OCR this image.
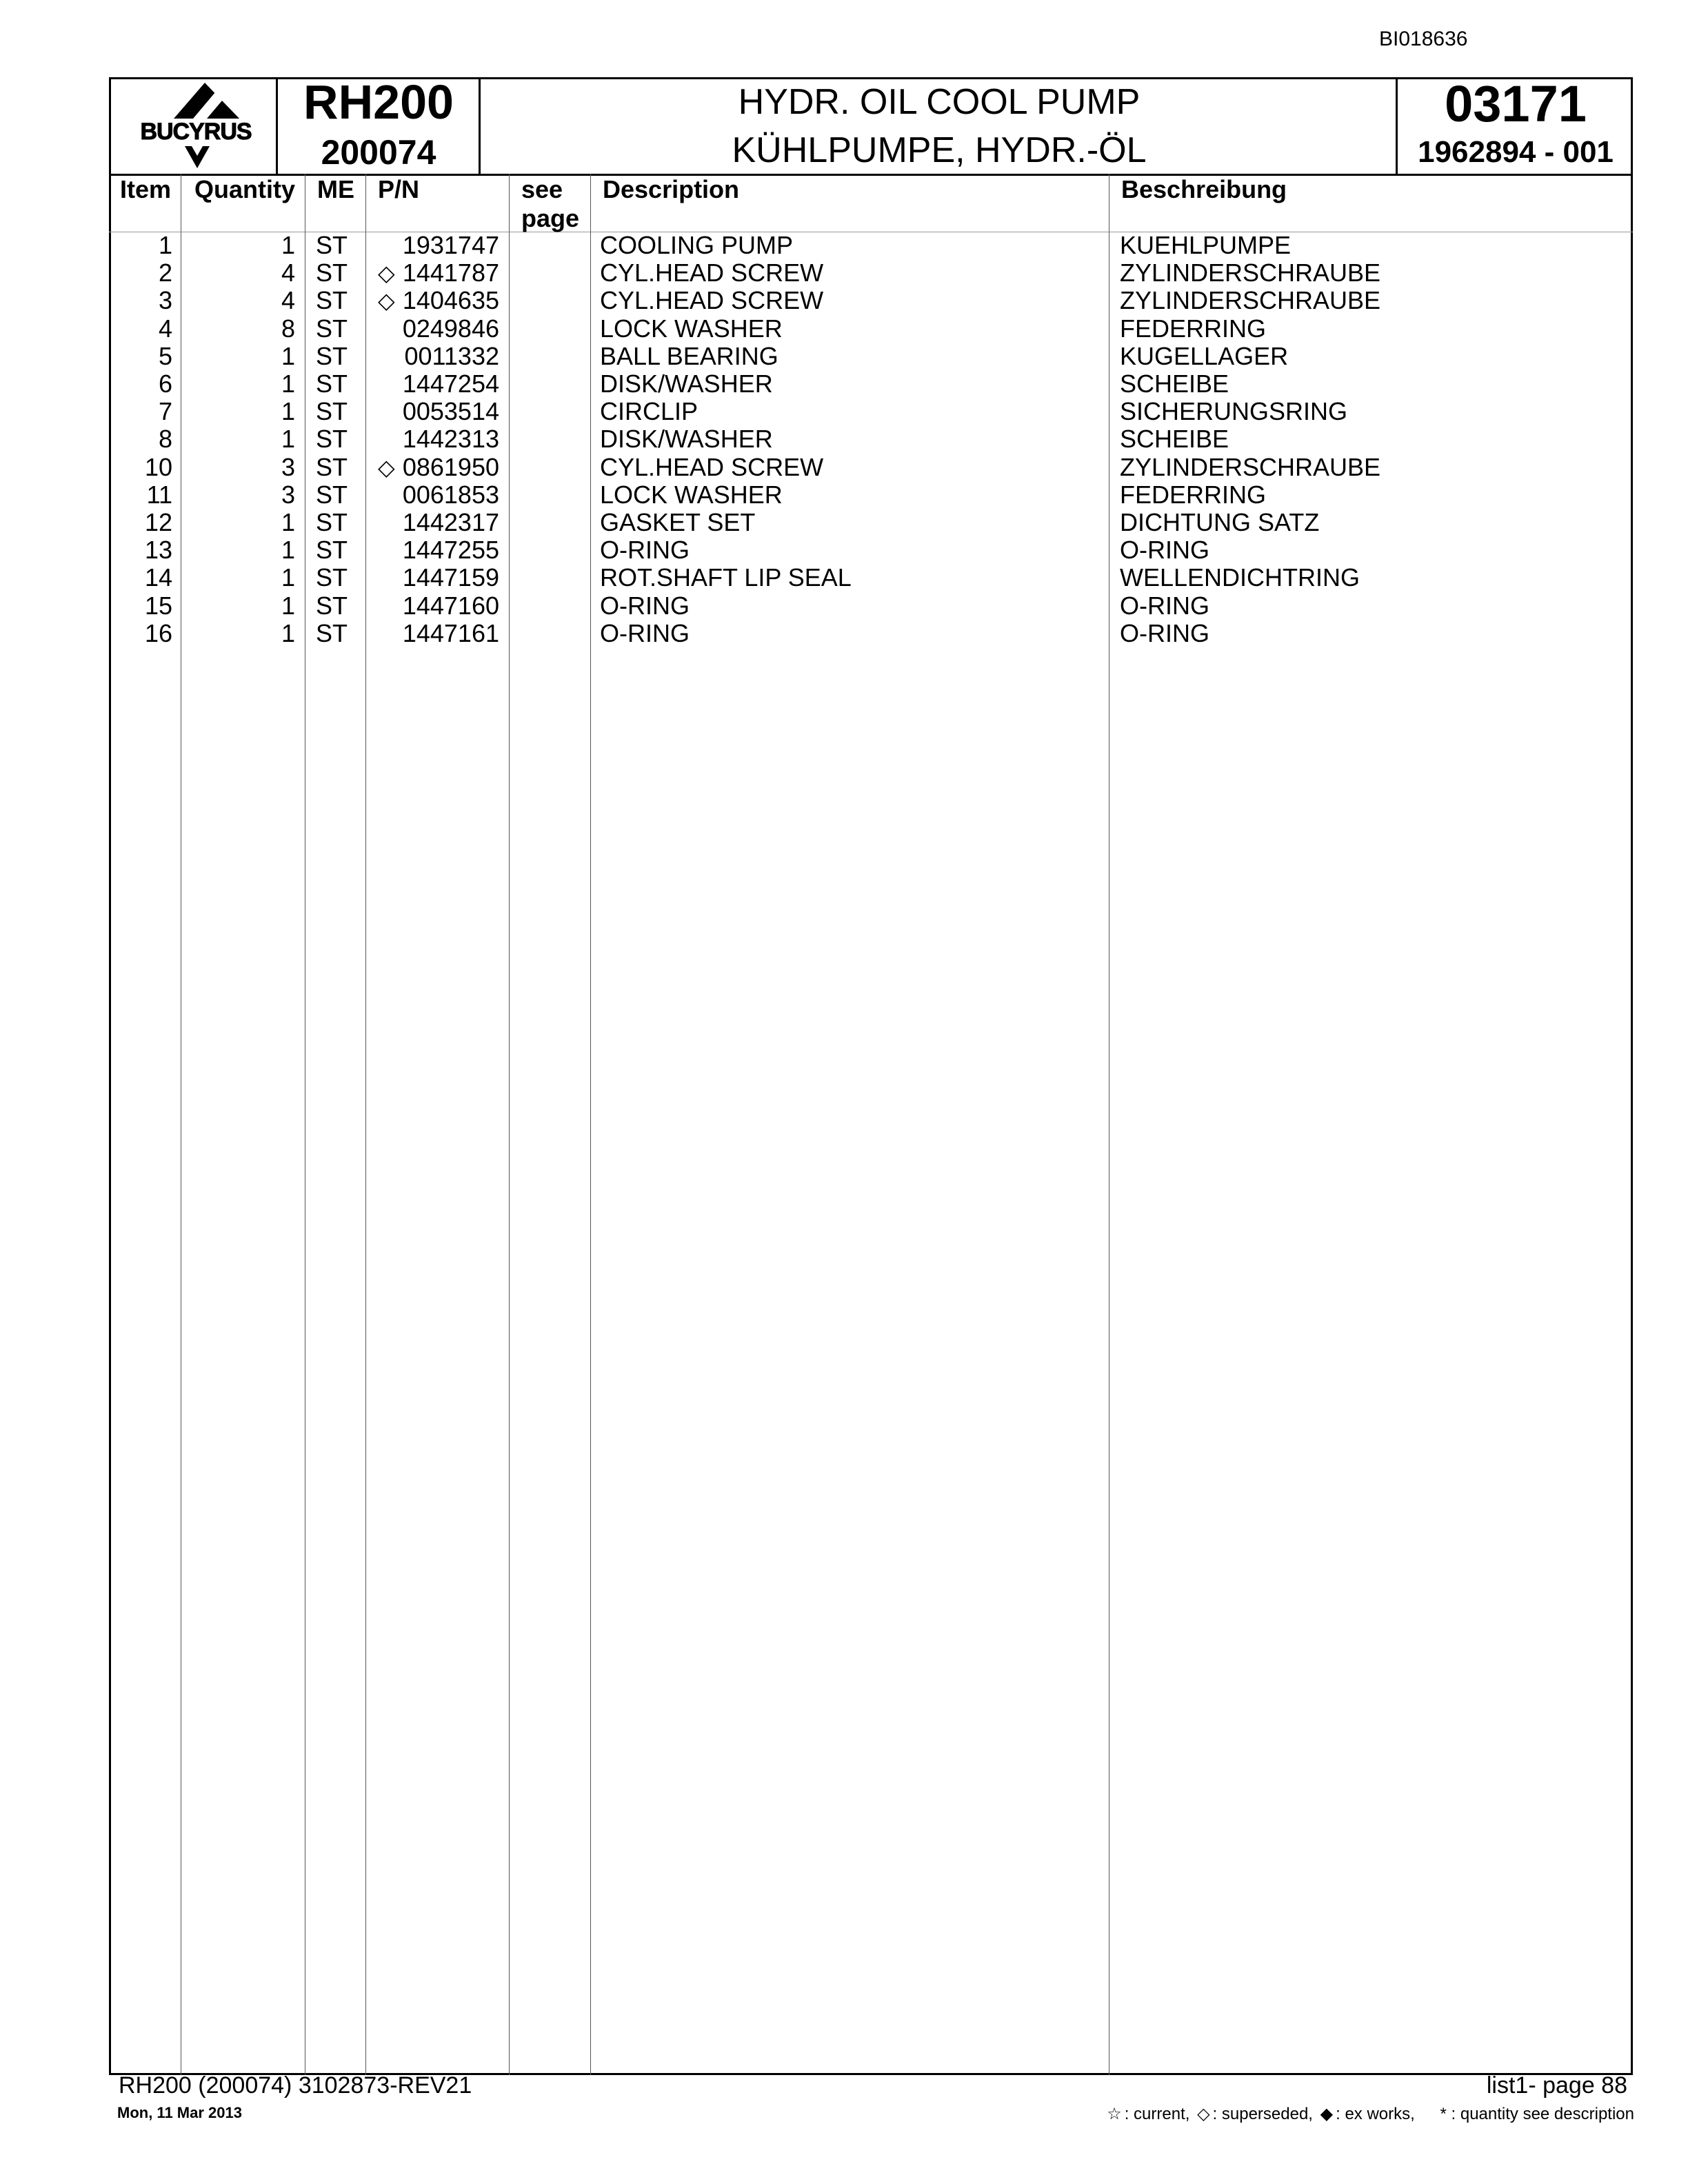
BI018636
BUCYRUS
RH200
200074
HYDR. OIL COOL PUMP
KÜHLPUMPE, HYDR.-ÖL
03171
1962894 - 001
Item Quantity ME P/N	see
page
Description	Beschreibung
1	1 ST 1931747	COOLING PUMP	KUEHLPUMPE
2	4 ST ◇ 1441787	CYL.HEAD SCREW	ZYLINDERSCHRAUBE
3	4 ST ◇ 1404635	CYL.HEAD SCREW	ZYLINDERSCHRAUBE
4	8 ST 0249846	LOCK WASHER	FEDERRING
5	1 ST 0011332	BALL BEARING	KUGELLAGER
6	1 ST 1447254	DISK/WASHER	SCHEIBE
7	1 ST 0053514	CIRCLIP	SICHERUNGSRING
8	1 ST 1442313	DISK/WASHER	SCHEIBE
10	3 ST ◇ 0861950	CYL.HEAD SCREW	ZYLINDERSCHRAUBE
11	3 ST 0061853	LOCK WASHER	FEDERRING
12	1 ST 1442317	GASKET SET	DICHTUNG SATZ
13	1 ST 1447255	O-RING	O-RING
14	1 ST 1447159	ROT.SHAFT LIP SEAL	WELLENDICHTRING
15	1 ST 1447160	O-RING	O-RING
16	1 ST 1447161	O-RING	O-RING
RH200 (200074) 3102873-REV21
Mon, 11 Mar 2013
list1- page 88
☆ : current, ◇ : superseded, ◆ : ex works, * : quantity see description
